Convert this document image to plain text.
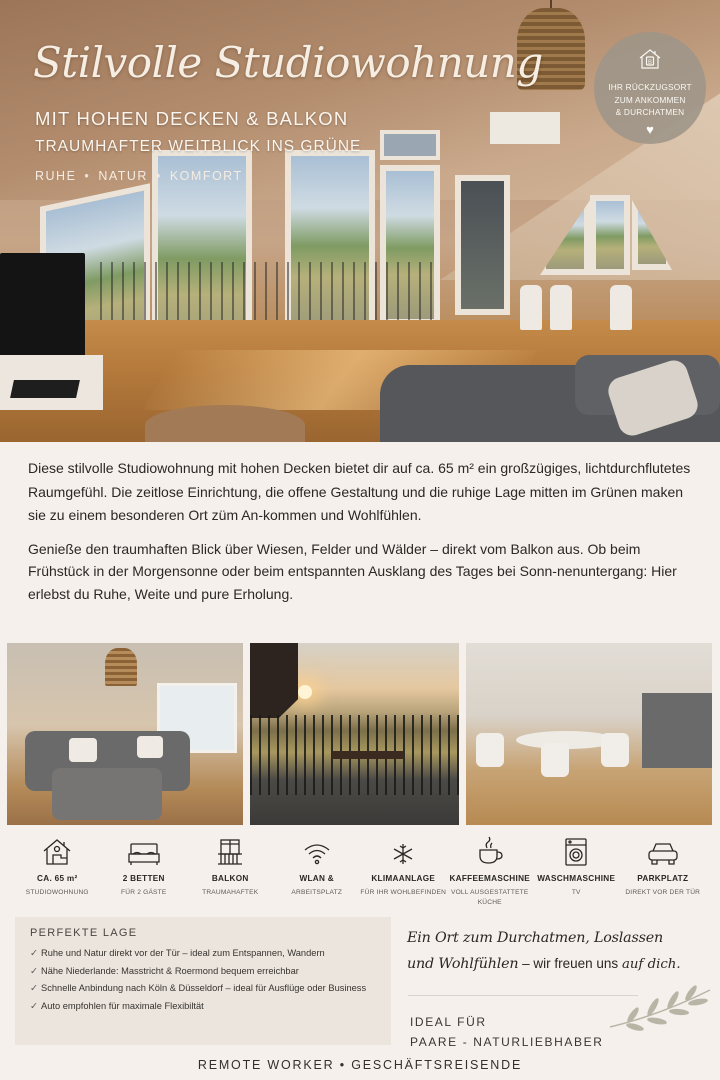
Stilvolle Studiowohnung
MIT HOHEN DECKEN & BALKON
TRAUMHAFTER WEITBLICK INS GRÜNE
RUHE • NATUR • KOMFORT
B
IHR RÜCKZUGSORT
ZUM ANKOMMEN
& DURCHATMEN
♥

Diese stilvolle Studiowohnung mit hohen Decken bietet dir auf ca. 65 m² ein großzügiges, lichtdurchflutetes Raumgefühl. Die zeitlose Einrichtung, die offene Gestaltung und die ruhige Lage mitten im Grünen maken sie zu einem besonderen Ort züm An-kommen und Wohlfühlen.

Genieße den traumhaften Blick über Wiesen, Felder und Wälder – direkt vom Balkon aus. Ob beim Frühstück in der Morgensonne oder beim entspannten Ausklang des Tages bei Sonn-nenuntergang: Hier erlebst du Ruhe, Weite und pure Erholung.

CA. 65 m²
STUDIOWOHNUNG
2 BETTEN
FÜR 2 GÄSTE
BALKON
TRAUMAHAFTEK
WLAN &
ARBEITSPLATZ
KLIMAANLAGE
FÜR IHR WOHLBEFINDEN
KAFFEEMASCHINE
VOLL AUSGESTATTETE KÜCHE
WASCHMASCHINE
TV
PARKPLATZ
DIREKT VOR DER TÜR
PERFEKTE LAGE
✓ Ruhe und Natur direkt vor der Tür – ideal zum Entspannen, Wandern
✓ Nähe Niederlande: Masstricht & Roermond bequem erreichbar
✓ Schnelle Anbindung nach Köln & Düsseldorf – ideal für Ausflüge oder Business
✓ Auto empfohlen für maximale Flexibiltät
Ein Ort zum Durchatmen, Loslassen
und Wohlfühlen – wir freuen uns auf dich.
IDEAL FÜR
PAARE - NATURLIEBHABER
REMOTE WORKER • GESCHÄFTSREISENDE
